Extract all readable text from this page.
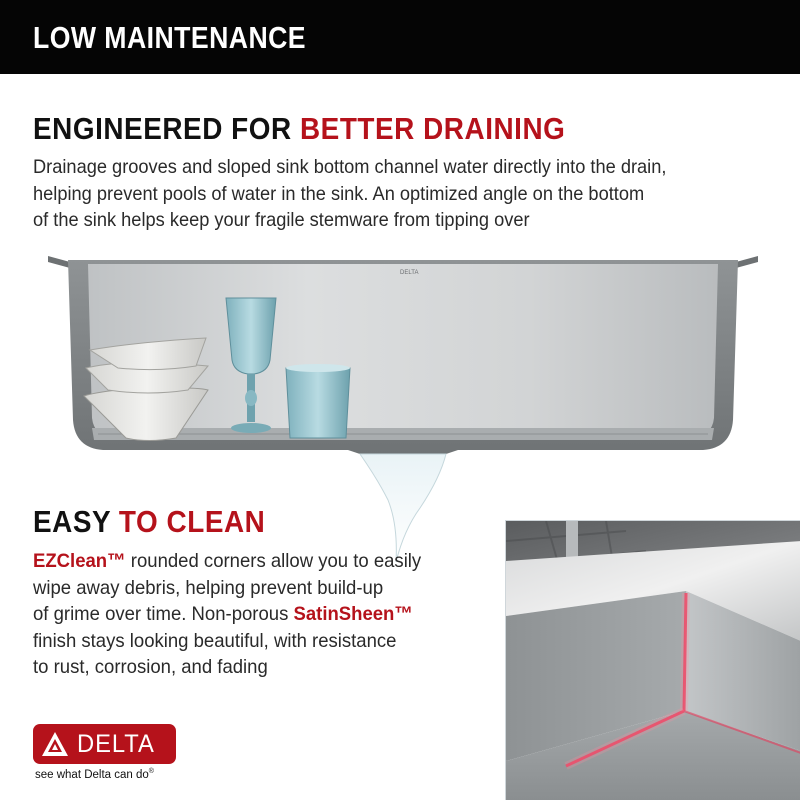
LOW MAINTENANCE
ENGINEERED FOR BETTER DRAINING
Drainage grooves and sloped sink bottom channel water directly into the drain,
helping prevent pools of water in the sink. An optimized angle on the bottom
of the sink helps keep your fragile stemware from tipping over
DELTA
EASY TO CLEAN
EZClean™ rounded corners allow you to easily
wipe away debris, helping prevent build-up
of grime over time. Non-porous SatinSheen™
finish stays looking beautiful, with resistance
to rust, corrosion, and fading
DELTA
see what Delta can do®
